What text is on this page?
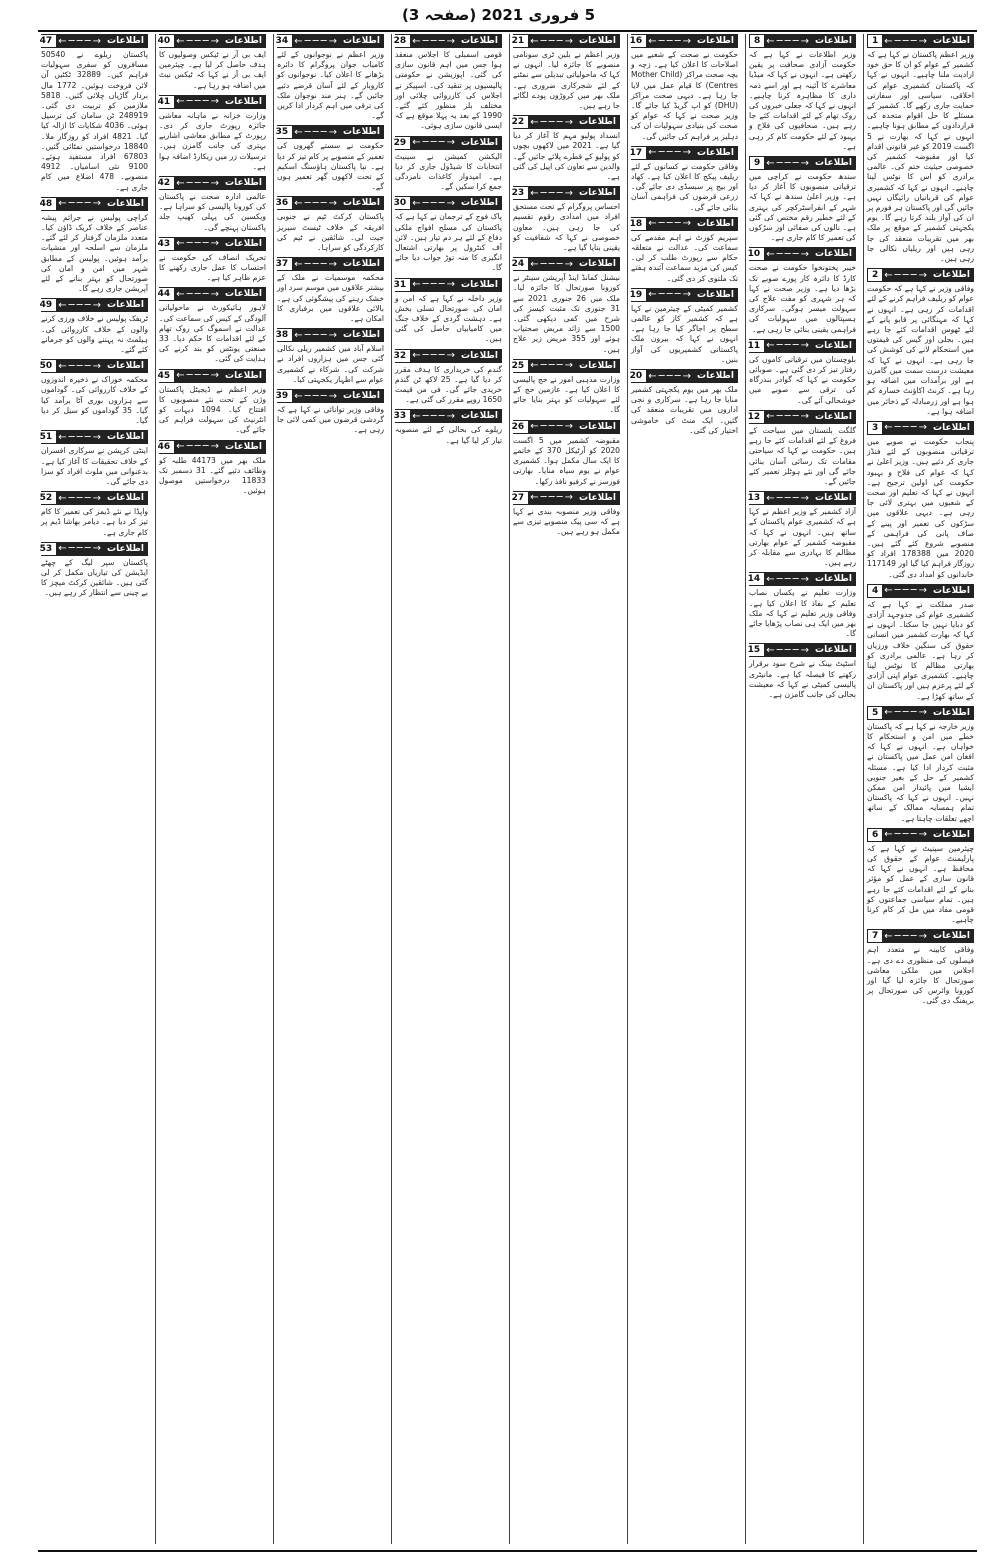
5 فروری 2021 (صفحہ 3)
اطلاعات
←───→
1
وزیر اعظم پاکستان نے کہا ہے کہ کشمیر کے عوام کو ان کا حق خود ارادیت ملنا چاہیے۔ انہوں نے کہا کہ پاکستان کشمیری عوام کی اخلاقی، سیاسی اور سفارتی حمایت جاری رکھے گا۔ کشمیر کے مسئلے کا حل اقوام متحدہ کی قراردادوں کے مطابق ہونا چاہیے۔ انہوں نے کہا کہ بھارت نے 5 اگست 2019 کو غیر قانونی اقدام کیا اور مقبوضہ کشمیر کی خصوصی حیثیت ختم کی۔ عالمی برادری کو اس کا نوٹس لینا چاہیے۔ انہوں نے کہا کہ کشمیری عوام کی قربانیاں رائیگاں نہیں جائیں گی اور پاکستان ہر فورم پر ان کی آواز بلند کرتا رہے گا۔ یوم یکجہتی کشمیر کے موقع پر ملک بھر میں تقریبات منعقد کی جا رہی ہیں اور ریلیاں نکالی جا رہی ہیں۔
اطلاعات
←───→
2
وفاقی وزیر نے کہا ہے کہ حکومت عوام کو ریلیف فراہم کرنے کے لئے اقدامات کر رہی ہے۔ انہوں نے کہا کہ مہنگائی پر قابو پانے کے لئے ٹھوس اقدامات کئے جا رہے ہیں۔ بجلی اور گیس کی قیمتوں میں استحکام لانے کی کوشش کی جا رہی ہے۔ انہوں نے کہا کہ معیشت درست سمت میں گامزن ہے اور برآمدات میں اضافہ ہو رہا ہے۔ کرنٹ اکاؤنٹ خسارہ کم ہوا ہے اور زرمبادلہ کے ذخائر میں اضافہ ہوا ہے۔
اطلاعات
←───→
3
پنجاب حکومت نے صوبے میں ترقیاتی منصوبوں کے لئے فنڈز جاری کر دئیے ہیں۔ وزیر اعلیٰ نے کہا کہ عوام کی فلاح و بہبود حکومت کی اولین ترجیح ہے۔ انہوں نے کہا کہ تعلیم اور صحت کے شعبوں میں بہتری لائی جا رہی ہے۔ دیہی علاقوں میں سڑکوں کی تعمیر اور پینے کے صاف پانی کی فراہمی کے منصوبے شروع کئے گئے ہیں۔ 2020 میں 178388 افراد کو روزگار فراہم کیا گیا اور 117149 خاندانوں کو امداد دی گئی۔
اطلاعات
←───→
4
صدر مملکت نے کہا ہے کہ کشمیری عوام کی جدوجہد آزادی کو دبایا نہیں جا سکتا۔ انہوں نے کہا کہ بھارت کشمیر میں انسانی حقوق کی سنگین خلاف ورزیاں کر رہا ہے۔ عالمی برادری کو بھارتی مظالم کا نوٹس لینا چاہیے۔ کشمیری عوام اپنی آزادی کے لئے پرعزم ہیں اور پاکستان ان کے ساتھ کھڑا ہے۔
اطلاعات
←───→
5
وزیر خارجہ نے کہا ہے کہ پاکستان خطے میں امن و استحکام کا خواہاں ہے۔ انہوں نے کہا کہ افغان امن عمل میں پاکستان نے مثبت کردار ادا کیا ہے۔ مسئلہ کشمیر کے حل کے بغیر جنوبی ایشیا میں پائیدار امن ممکن نہیں۔ انہوں نے کہا کہ پاکستان تمام ہمسایہ ممالک کے ساتھ اچھے تعلقات چاہتا ہے۔
اطلاعات
←───→
6
چیئرمین سینیٹ نے کہا ہے کہ پارلیمنٹ عوام کے حقوق کی محافظ ہے۔ انہوں نے کہا کہ قانون سازی کے عمل کو مؤثر بنانے کے لئے اقدامات کئے جا رہے ہیں۔ تمام سیاسی جماعتوں کو قومی مفاد میں مل کر کام کرنا چاہیے۔
اطلاعات
←───→
7
وفاقی کابینہ نے متعدد اہم فیصلوں کی منظوری دے دی ہے۔ اجلاس میں ملکی معاشی صورتحال کا جائزہ لیا گیا اور کورونا وائرس کی صورتحال پر بریفنگ دی گئی۔
اطلاعات
←───→
8
وزیر اطلاعات نے کہا ہے کہ حکومت آزادی صحافت پر یقین رکھتی ہے۔ انہوں نے کہا کہ میڈیا معاشرے کا آئینہ ہے اور اسے ذمہ داری کا مظاہرہ کرنا چاہیے۔ انہوں نے کہا کہ جعلی خبروں کی روک تھام کے لئے اقدامات کئے جا رہے ہیں۔ صحافیوں کی فلاح و بہبود کے لئے حکومت کام کر رہی ہے۔
اطلاعات
←───→
9
سندھ حکومت نے کراچی میں ترقیاتی منصوبوں کا آغاز کر دیا ہے۔ وزیر اعلیٰ سندھ نے کہا کہ شہر کے انفراسٹرکچر کی بہتری کے لئے خطیر رقم مختص کی گئی ہے۔ نالوں کی صفائی اور سڑکوں کی تعمیر کا کام جاری ہے۔
اطلاعات
←───→
10
خیبر پختونخوا حکومت نے صحت کارڈ کا دائرہ کار پورے صوبے تک بڑھا دیا ہے۔ وزیر صحت نے کہا کہ ہر شہری کو مفت علاج کی سہولت میسر ہوگی۔ سرکاری ہسپتالوں میں سہولیات کی فراہمی یقینی بنائی جا رہی ہے۔
اطلاعات
←───→
11
بلوچستان میں ترقیاتی کاموں کی رفتار تیز کر دی گئی ہے۔ صوبائی حکومت نے کہا کہ گوادر بندرگاہ کی ترقی سے صوبے میں خوشحالی آئے گی۔
اطلاعات
←───→
12
گلگت بلتستان میں سیاحت کے فروغ کے لئے اقدامات کئے جا رہے ہیں۔ حکومت نے کہا کہ سیاحتی مقامات تک رسائی آسان بنائی جائے گی اور نئے ہوٹلز تعمیر کئے جائیں گے۔
اطلاعات
←───→
13
آزاد کشمیر کے وزیر اعظم نے کہا ہے کہ کشمیری عوام پاکستان کے ساتھ ہیں۔ انہوں نے کہا کہ مقبوضہ کشمیر کے عوام بھارتی مظالم کا بہادری سے مقابلہ کر رہے ہیں۔
اطلاعات
←───→
14
وزارت تعلیم نے یکساں نصاب تعلیم کے نفاذ کا اعلان کیا ہے۔ وفاقی وزیر تعلیم نے کہا کہ ملک بھر میں ایک ہی نصاب پڑھایا جائے گا۔
اطلاعات
←───→
15
اسٹیٹ بینک نے شرح سود برقرار رکھنے کا فیصلہ کیا ہے۔ مانیٹری پالیسی کمیٹی نے کہا کہ معیشت بحالی کی جانب گامزن ہے۔
اطلاعات
←───→
16
حکومت نے صحت کے شعبے میں اصلاحات کا اعلان کیا ہے۔ زچہ و بچہ صحت مراکز (Mother Child Centres) کا قیام عمل میں لایا جا رہا ہے۔ دیہی صحت مراکز (DHU) کو اپ گریڈ کیا جائے گا۔ وزیر صحت نے کہا کہ عوام کو صحت کی بنیادی سہولیات ان کی دہلیز پر فراہم کی جائیں گی۔
اطلاعات
←───→
17
وفاقی حکومت نے کسانوں کے لئے ریلیف پیکج کا اعلان کیا ہے۔ کھاد اور بیج پر سبسڈی دی جائے گی۔ زرعی قرضوں کی فراہمی آسان بنائی جائے گی۔
اطلاعات
←───→
18
سپریم کورٹ نے اہم مقدمے کی سماعت کی۔ عدالت نے متعلقہ حکام سے رپورٹ طلب کر لی۔ کیس کی مزید سماعت آئندہ ہفتے تک ملتوی کر دی گئی۔
اطلاعات
←───→
19
کشمیر کمیٹی کے چیئرمین نے کہا ہے کہ کشمیر کاز کو عالمی سطح پر اجاگر کیا جا رہا ہے۔ انہوں نے کہا کہ بیرون ملک پاکستانی کشمیریوں کی آواز بنیں۔
اطلاعات
←───→
20
ملک بھر میں یوم یکجہتی کشمیر منایا جا رہا ہے۔ سرکاری و نجی اداروں میں تقریبات منعقد کی گئیں۔ ایک منٹ کی خاموشی اختیار کی گئی۔
اطلاعات
←───→
21
وزیر اعظم نے بلین ٹری سونامی منصوبے کا جائزہ لیا۔ انہوں نے کہا کہ ماحولیاتی تبدیلی سے نمٹنے کے لئے شجرکاری ضروری ہے۔ ملک بھر میں کروڑوں پودے لگائے جا رہے ہیں۔
اطلاعات
←───→
22
انسداد پولیو مہم کا آغاز کر دیا گیا ہے۔ 2021 میں لاکھوں بچوں کو پولیو کے قطرے پلائے جائیں گے۔ والدین سے تعاون کی اپیل کی گئی ہے۔
اطلاعات
←───→
23
احساس پروگرام کے تحت مستحق افراد میں امدادی رقوم تقسیم کی جا رہی ہیں۔ معاون خصوصی نے کہا کہ شفافیت کو یقینی بنایا گیا ہے۔
اطلاعات
←───→
24
نیشنل کمانڈ اینڈ آپریشن سینٹر نے کورونا صورتحال کا جائزہ لیا۔ ملک میں 26 جنوری 2021 سے 31 جنوری تک مثبت کیسز کی شرح میں کمی دیکھی گئی۔ 1500 سے زائد مریض صحتیاب ہوئے اور 355 مریض زیر علاج ہیں۔
اطلاعات
←───→
25
وزارت مذہبی امور نے حج پالیسی کا اعلان کیا ہے۔ عازمین حج کے لئے سہولیات کو بہتر بنایا جائے گا۔
اطلاعات
←───→
26
مقبوضہ کشمیر میں 5 اگست 2020 کو آرٹیکل 370 کے خاتمے کا ایک سال مکمل ہوا۔ کشمیری عوام نے یوم سیاہ منایا۔ بھارتی فورسز نے کرفیو نافذ رکھا۔
اطلاعات
←───→
27
وفاقی وزیر منصوبہ بندی نے کہا ہے کہ سی پیک منصوبے تیزی سے مکمل ہو رہے ہیں۔
اطلاعات
←───→
28
قومی اسمبلی کا اجلاس منعقد ہوا جس میں اہم قانون سازی کی گئی۔ اپوزیشن نے حکومتی پالیسیوں پر تنقید کی۔ اسپیکر نے اجلاس کی کارروائی چلائی اور مختلف بلز منظور کئے گئے۔ 1990 کے بعد یہ پہلا موقع ہے کہ ایسی قانون سازی ہوئی۔
اطلاعات
←───→
29
الیکشن کمیشن نے سینیٹ انتخابات کا شیڈول جاری کر دیا ہے۔ امیدوار کاغذات نامزدگی جمع کرا سکیں گے۔
اطلاعات
←───→
30
پاک فوج کے ترجمان نے کہا ہے کہ پاکستان کی مسلح افواج ملکی دفاع کے لئے ہر دم تیار ہیں۔ لائن آف کنٹرول پر بھارتی اشتعال انگیزی کا منہ توڑ جواب دیا جائے گا۔
اطلاعات
←───→
31
وزیر داخلہ نے کہا ہے کہ امن و امان کی صورتحال تسلی بخش ہے۔ دہشت گردی کے خلاف جنگ میں کامیابیاں حاصل کی گئی ہیں۔
اطلاعات
←───→
32
گندم کی خریداری کا ہدف مقرر کر دیا گیا ہے۔ 25 لاکھ ٹن گندم خریدی جائے گی۔ فی من قیمت 1650 روپے مقرر کی گئی ہے۔
اطلاعات
←───→
33
ریلوے کی بحالی کے لئے منصوبہ تیار کر لیا گیا ہے۔
اطلاعات
←───→
34
وزیر اعظم نے نوجوانوں کے لئے کامیاب جوان پروگرام کا دائرہ بڑھانے کا اعلان کیا۔ نوجوانوں کو کاروبار کے لئے آسان قرضے دئیے جائیں گے۔ ہنر مند نوجوان ملک کی ترقی میں اہم کردار ادا کریں گے۔
اطلاعات
←───→
35
حکومت نے سستے گھروں کی تعمیر کے منصوبے پر کام تیز کر دیا ہے۔ نیا پاکستان ہاؤسنگ اسکیم کے تحت لاکھوں گھر تعمیر ہوں گے۔
اطلاعات
←───→
36
پاکستان کرکٹ ٹیم نے جنوبی افریقہ کے خلاف ٹیسٹ سیریز جیت لی۔ شائقین نے ٹیم کی کارکردگی کو سراہا۔
اطلاعات
←───→
37
محکمہ موسمیات نے ملک کے بیشتر علاقوں میں موسم سرد اور خشک رہنے کی پیشگوئی کی ہے۔ بالائی علاقوں میں برفباری کا امکان ہے۔
اطلاعات
←───→
38
اسلام آباد میں کشمیر ریلی نکالی گئی جس میں ہزاروں افراد نے شرکت کی۔ شرکاء نے کشمیری عوام سے اظہار یکجہتی کیا۔
اطلاعات
←───→
39
وفاقی وزیر توانائی نے کہا ہے کہ گردشی قرضوں میں کمی لائی جا رہی ہے۔
اطلاعات
←───→
40
ایف بی آر نے ٹیکس وصولیوں کا ہدف حاصل کر لیا ہے۔ چیئرمین ایف بی آر نے کہا کہ ٹیکس نیٹ میں اضافہ ہو رہا ہے۔
اطلاعات
←───→
41
وزارت خزانہ نے ماہانہ معاشی جائزہ رپورٹ جاری کر دی۔ رپورٹ کے مطابق معاشی اشاریے بہتری کی جانب گامزن ہیں۔ ترسیلات زر میں ریکارڈ اضافہ ہوا ہے۔
اطلاعات
←───→
42
عالمی ادارہ صحت نے پاکستان کی کورونا پالیسی کو سراہا ہے۔ ویکسین کی پہلی کھیپ جلد پاکستان پہنچے گی۔
اطلاعات
←───→
43
تحریک انصاف کی حکومت نے احتساب کا عمل جاری رکھنے کا عزم ظاہر کیا ہے۔
اطلاعات
←───→
44
لاہور ہائیکورٹ نے ماحولیاتی آلودگی کے کیس کی سماعت کی۔ عدالت نے اسموگ کی روک تھام کے لئے اقدامات کا حکم دیا۔ 33 صنعتی یونٹس کو بند کرنے کی ہدایت کی گئی۔
اطلاعات
←───→
45
وزیر اعظم نے ڈیجیٹل پاکستان وژن کے تحت نئے منصوبوں کا افتتاح کیا۔ 1094 دیہات کو انٹرنیٹ کی سہولت فراہم کی جائے گی۔
اطلاعات
←───→
46
ملک بھر میں 44173 طلبہ کو وظائف دئیے گئے۔ 31 دسمبر تک 11833 درخواستیں موصول ہوئیں۔
اطلاعات
←───→
47
پاکستان ریلوے نے 50540 مسافروں کو سفری سہولیات فراہم کیں۔ 32889 ٹکٹیں آن لائن فروخت ہوئیں۔ 1772 مال بردار گاڑیاں چلائی گئیں۔ 5818 ملازمین کو تربیت دی گئی۔ 248919 ٹن سامان کی ترسیل ہوئی۔ 4036 شکایات کا ازالہ کیا گیا۔ 4821 افراد کو روزگار ملا۔ 18840 درخواستیں نمٹائی گئیں۔ 67803 افراد مستفید ہوئے۔ 9100 نئی اسامیاں۔ 4912 منصوبے۔ 478 اضلاع میں کام جاری ہے۔
اطلاعات
←───→
48
کراچی پولیس نے جرائم پیشہ عناصر کے خلاف کریک ڈاؤن کیا۔ متعدد ملزمان گرفتار کر لئے گئے۔ ملزمان سے اسلحہ اور منشیات برآمد ہوئیں۔ پولیس کے مطابق شہر میں امن و امان کی صورتحال کو بہتر بنانے کے لئے آپریشن جاری رہے گا۔
اطلاعات
←───→
49
ٹریفک پولیس نے خلاف ورزی کرنے والوں کے خلاف کارروائی کی۔ ہیلمٹ نہ پہننے والوں کو جرمانے کئے گئے۔
اطلاعات
←───→
50
محکمہ خوراک نے ذخیرہ اندوزوں کے خلاف کارروائی کی۔ گوداموں سے ہزاروں بوری آٹا برآمد کیا گیا۔ 35 گوداموں کو سیل کر دیا گیا۔
اطلاعات
←───→
51
اینٹی کرپشن نے سرکاری افسران کے خلاف تحقیقات کا آغاز کیا ہے۔ بدعنوانی میں ملوث افراد کو سزا دی جائے گی۔
اطلاعات
←───→
52
واپڈا نے نئے ڈیمز کی تعمیر کا کام تیز کر دیا ہے۔ دیامر بھاشا ڈیم پر کام جاری ہے۔
اطلاعات
←───→
53
پاکستان سپر لیگ کے چھٹے ایڈیشن کی تیاریاں مکمل کر لی گئی ہیں۔ شائقین کرکٹ میچز کا بے چینی سے انتظار کر رہے ہیں۔
